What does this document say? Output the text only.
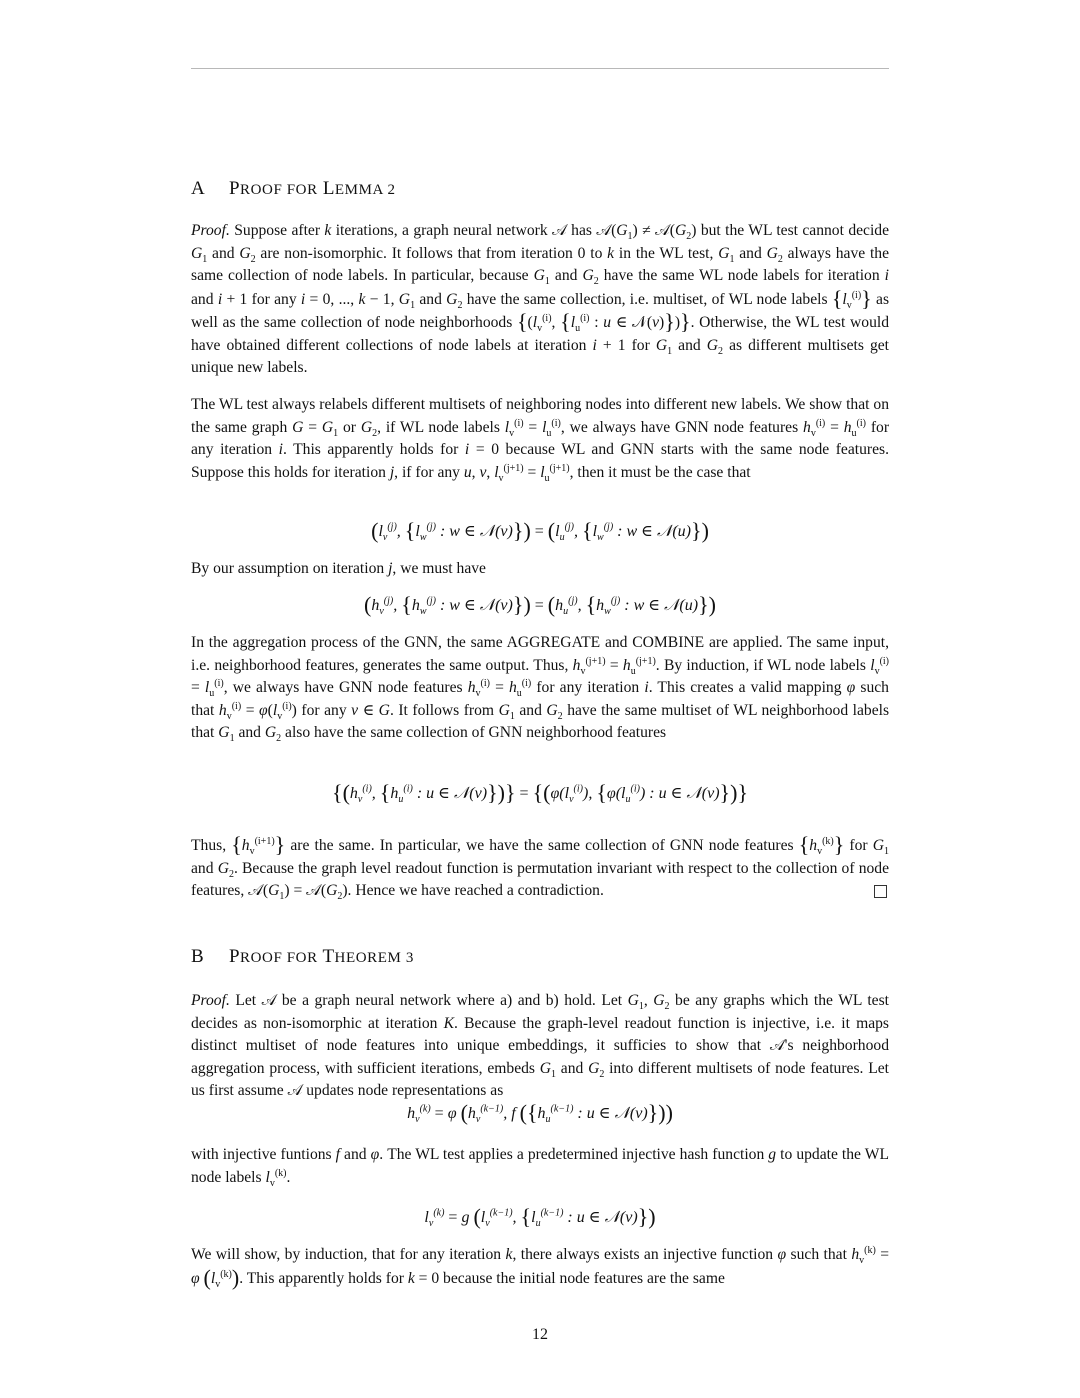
A PROOF FOR LEMMA 2

Proof. Suppose after k iterations, a graph neural network 𝒜 has $𝒜(G_1)$ ≠ $𝒜(G_2)$ but the WL test cannot decide $G_1$ and $G_2$ are non-isomorphic. It follows that from iteration 0 to k in the WL test, $G_1$ and $G_2$ always have the same collection of node labels. In particular, because $G_1$ and $G_2$ have the same WL node labels for iteration i and i + 1 for any i = 0, ..., k − 1, $G_1$ and $G_2$ have the same collection, i.e. multiset, of WL node labels $\{l_v^{(i)}\}$ as well as the same collection of node neighborhoods {($l_v^{(i)}$, {$l_u^{(i)}$ : u ∈ 𝒩(v)})}. Otherwise, the WL test would have obtained different collections of node labels at iteration i + 1 for $G_1$ and $G_2$ as different multisets get unique new labels.

The WL test always relabels different multisets of neighboring nodes into different new labels. We show that on the same graph $G = G_1$ or $G_2$, if WL node labels $l_v^{(i)} = l_u^{(i)}$, we always have GNN node features $h_v^{(i)} = h_u^{(i)}$ for any iteration i. This apparently holds for i = 0 because WL and GNN starts with the same node features. Suppose this holds for iteration j, if for any u, v, $l_v^{(j+1)} = l_u^{(j+1)}$, then it must be the case that

($l_v^{(j)}$, {$l_w^{(j)}$ : w ∈ 𝒩(v)}) = ($l_u^{(j)}$, {$l_w^{(j)}$ : w ∈ 𝒩(u)})

By our assumption on iteration j, we must have

($h_v^{(j)}$, {$h_w^{(j)}$ : w ∈ 𝒩(v)}) = ($h_u^{(j)}$, {$h_w^{(j)}$ : w ∈ 𝒩(u)})

In the aggregation process of the GNN, the same AGGREGATE and COMBINE are applied. The same input, i.e. neighborhood features, generates the same output. Thus, $h_v^{(j+1)} = h_u^{(j+1)}$. By induction, if WL node labels $l_v^{(i)} = l_u^{(i)}$, we always have GNN node features $h_v^{(i)} = h_u^{(i)}$ for any iteration i. This creates a valid mapping φ such that $h_v^{(i)} = \varphi(l_v^{(i)})$ for any v ∈ G. It follows from $G_1$ and $G_2$ have the same multiset of WL neighborhood labels that $G_1$ and $G_2$ also have the same collection of GNN neighborhood features

{($h_v^{(i)}$, {$h_u^{(i)}$ : u ∈ 𝒩(v)})} = {($\varphi(l_v^{(i)})$, {$\varphi(l_u^{(i)})$ : u ∈ 𝒩(v)})}

Thus, $\{h_v^{(i+1)}\}$ are the same. In particular, we have the same collection of GNN node features $\{h_v^{(k)}\}$ for $G_1$ and $G_2$. Because the graph level readout function is permutation invariant with respect to the collection of node features, $𝒜(G_1)$ = $𝒜(G_2)$. Hence we have reached a contradiction.

B PROOF FOR THEOREM 3

Proof. Let 𝒜 be a graph neural network where a) and b) hold. Let $G_1$, $G_2$ be any graphs which the WL test decides as non-isomorphic at iteration K. Because the graph-level readout function is injective, i.e. it maps distinct multiset of node features into unique embeddings, it sufficies to show that 𝒜's neighborhood aggregation process, with sufficient iterations, embeds $G_1$ and $G_2$ into different multisets of node features. Let us first assume 𝒜 updates node representations as

$h_v^{(k)} = \varphi$ ($h_v^{(k-1)}$, f ({$h_u^{(k-1)}$ : u ∈ 𝒩(v)}))

with injective funtions f and φ. The WL test applies a predetermined injective hash function g to update the WL node labels $l_v^{(k)}$.

$l_v^{(k)} = g$ ($l_v^{(k-1)}$, {$l_u^{(k-1)}$ : u ∈ 𝒩(v)})

We will show, by induction, that for any iteration k, there always exists an injective function φ such that $h_v^{(k)} = \varphi$ $(l_v^{(k)})$. This apparently holds for k = 0 because the initial node features are the same

12
